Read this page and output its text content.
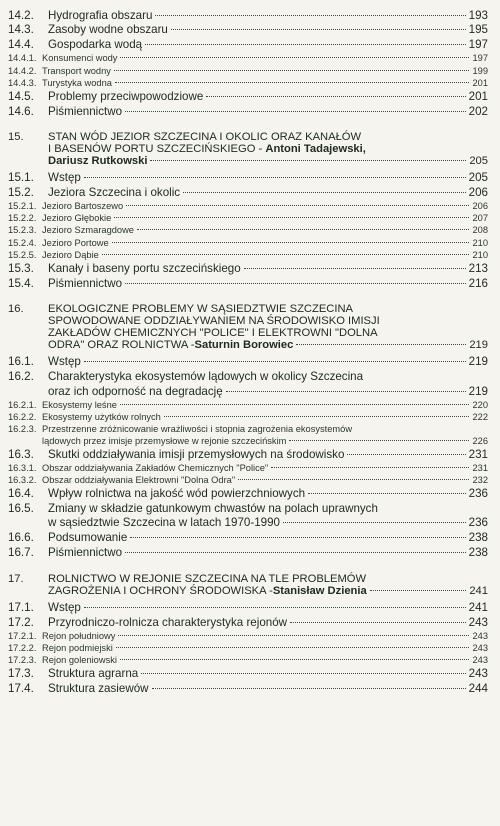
14.2.	Hydrografia obszaru	193
14.3.	Zasoby wodne obszaru	195
14.4.	Gospodarka wodą	197
14.4.1. Konsumenci wody	197
14.4.2. Transport wodny	199
14.4.3. Turystyka wodna	201
14.5.	Problemy przeciwpowodziowe	201
14.6.	Piśmiennictwo	202
15.	STAN WÓD JEZIOR SZCZECINA I OKOLIC ORAZ KANAŁÓW
I BASENÓW PORTU SZCZECIŃSKIEGO - Antoni Tadajewski,
Dariusz Rutkowski	205
15.1.	Wstęp	205
15.2.	Jeziora Szczecina i okolic	206
15.2.1. Jezioro Bartoszewo	206
15.2.2. Jezioro Głębokie	207
15.2.3. Jezioro Szmaragdowe	208
15.2.4. Jezioro Portowe	210
15.2.5. Jezioro Dąbie	210
15.3.	Kanały i baseny portu szczecińskiego	213
15.4.	Piśmiennictwo	216
16.	EKOLOGICZNE PROBLEMY W SĄSIEDZTWIE SZCZECINA
SPOWODOWANE ODDZIAŁYWANIEM NA ŚRODOWISKO IMISJI
ZAKŁADÓW CHEMICZNYCH "POLICE" I ELEKTROWNI "DOLNA
ODRA" ORAZ ROLNICTWA - Saturnin Borowiec	219
16.1.	Wstęp	219
16.2.	Charakterystyka ekosystemów lądowych w okolicy Szczecina
oraz ich odporność na degradację	219
16.2.1. Ekosystemy leśne	220
16.2.2. Ekosystemy użytków rolnych	222
16.2.3. Przestrzenne zróżnicowanie wrażliwości i stopnia zagrożenia ekosystemów
lądowych przez imisje przemysłowe w rejonie szczecińskim	226
16.3.	Skutki oddziaływania imisji przemysłowych na środowisko	231
16.3.1. Obszar oddziaływania Zakładów Chemicznych "Police"	231
16.3.2. Obszar oddziaływania Elektrowni "Dolna Odra"	232
16.4.	Wpływ rolnictwa na jakość wód powierzchniowych	236
16.5.	Zmiany w składzie gatunkowym chwastów na polach uprawnych
w sąsiedztwie Szczecina w latach 1970-1990	236
16.6.	Podsumowanie	238
16.7.	Piśmiennictwo	238
17.	ROLNICTWO W REJONIE SZCZECINA NA TLE PROBLEMÓW
ZAGROŻENIA I OCHRONY ŚRODOWISKA - Stanisław Dzienia	241
17.1.	Wstęp	241
17.2.	Przyrodniczo-rolnicza charakterystyka rejonów	243
17.2.1. Rejon południowy	243
17.2.2. Rejon podmiejski	243
17.2.3. Rejon goleniowski	243
17.3.	Struktura agrarna	243
17.4.	Struktura zasiewów	244
